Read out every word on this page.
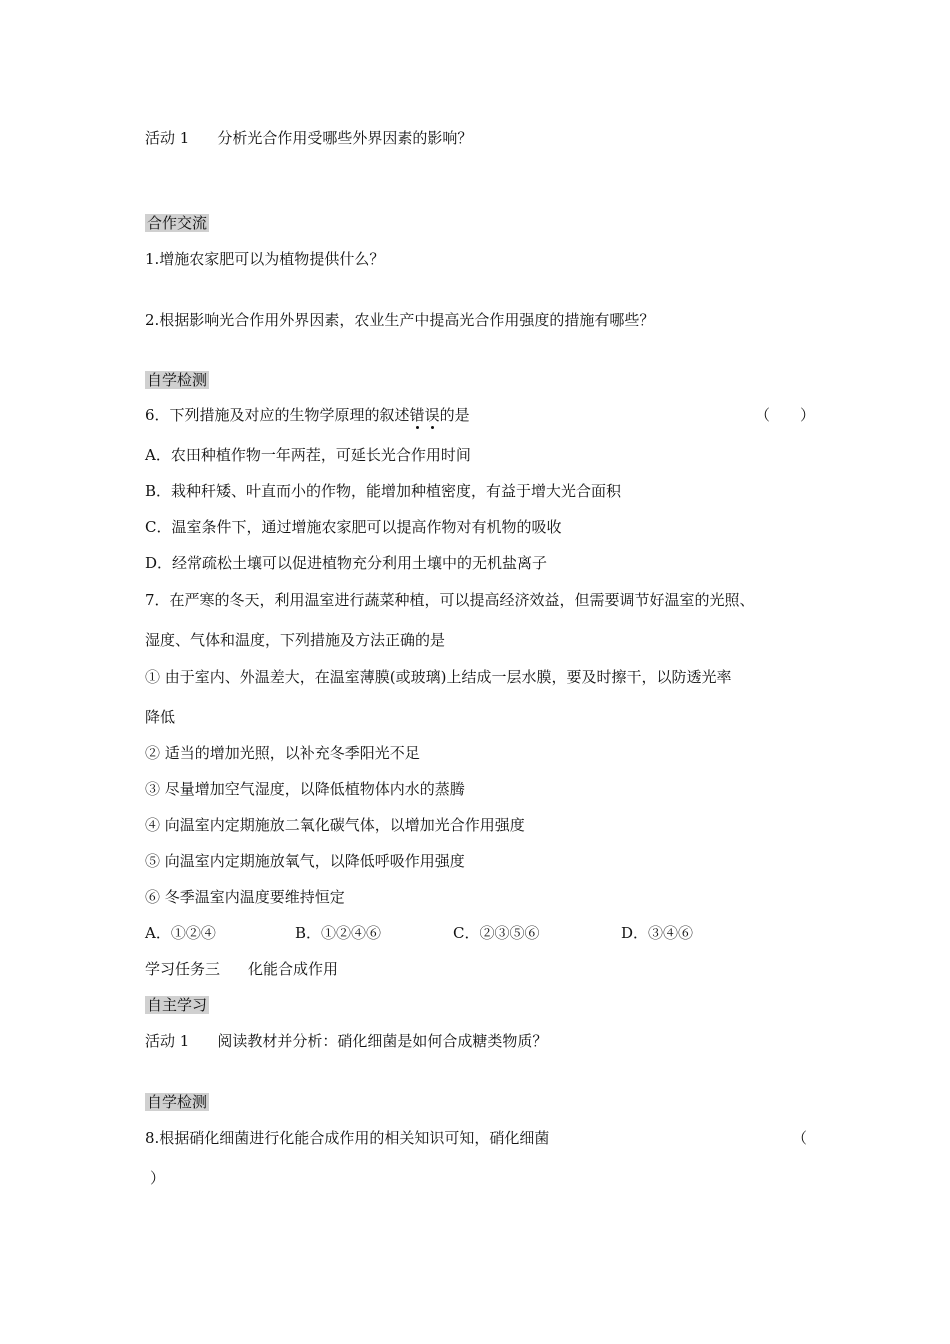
活动 1 分析光合作用受哪些外界因素的影响？
合作交流
1.增施农家肥可以为植物提供什么？
2.根据影响光合作用外界因素，农业生产中提高光合作用强度的措施有哪些？
自学检测
6．下列措施及对应的生物学原理的叙述错误的是	（　　）
A．农田种植作物一年两茬，可延长光合作用时间
B．栽种秆矮、叶直而小的作物，能增加种植密度，有益于增大光合面积
C．温室条件下，通过增施农家肥可以提高作物对有机物的吸收
D．经常疏松土壤可以促进植物充分利用土壤中的无机盐离子
7．在严寒的冬天，利用温室进行蔬菜种植，可以提高经济效益，但需要调节好温室的光照、
湿度、气体和温度，下列措施及方法正确的是
① 由于室内、外温差大，在温室薄膜(或玻璃)上结成一层水膜，要及时擦干，以防透光率
降低
② 适当的增加光照，以补充冬季阳光不足
③ 尽量增加空气湿度，以降低植物体内水的蒸腾
④ 向温室内定期施放二氧化碳气体，以增加光合作用强度
⑤ 向温室内定期施放氧气，以降低呼吸作用强度
⑥ 冬季温室内温度要维持恒定
A．①②④	B．①②④⑥	C．②③⑤⑥	D．③④⑥
学习任务三 化能合成作用
自主学习
活动 1 阅读教材并分析：硝化细菌是如何合成糖类物质？
自学检测
8.根据硝化细菌进行化能合成作用的相关知识可知，硝化细菌	（
）
